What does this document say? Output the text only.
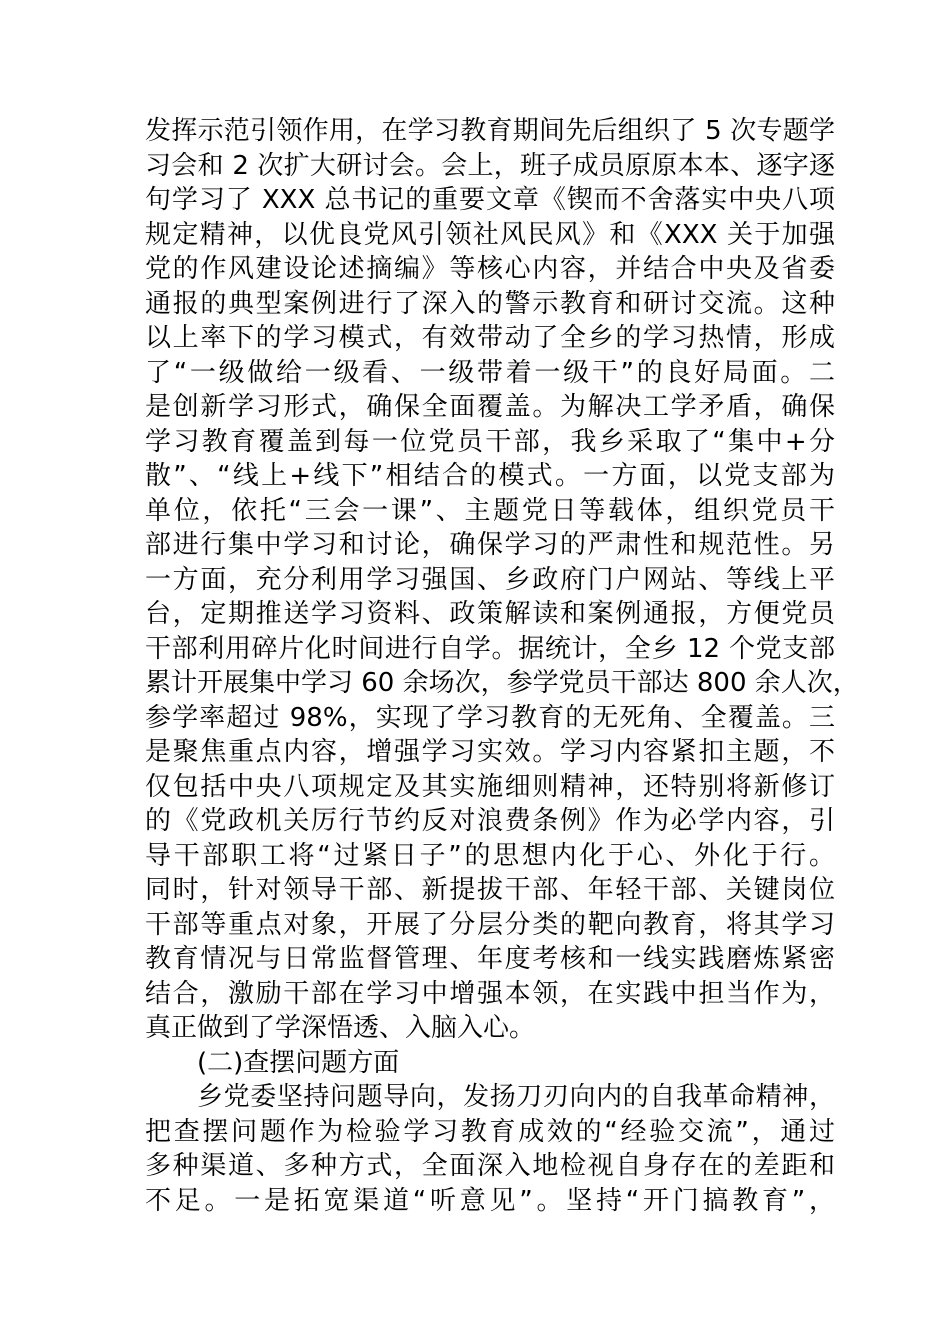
发挥示范引领作用，在学习教育期间先后组织了 5 次专题学
习会和 2 次扩大研讨会。会上，班子成员原原本本、逐字逐
句学习了 XXX 总书记的重要文章《锲而不舍落实中央八项
规定精神，以优良党风引领社风民风》和《XXX 关于加强
党的作风建设论述摘编》等核心内容，并结合中央及省委
通报的典型案例进行了深入的警示教育和研讨交流。这种
以上率下的学习模式，有效带动了全乡的学习热情，形成
了“一级做给一级看、一级带着一级干”的良好局面。二
是创新学习形式，确保全面覆盖。为解决工学矛盾，确保
学习教育覆盖到每一位党员干部，我乡采取了“集中+分
散”、“线上+线下”相结合的模式。一方面，以党支部为
单位，依托“三会一课”、主题党日等载体，组织党员干
部进行集中学习和讨论，确保学习的严肃性和规范性。另
一方面，充分利用学习强国、乡政府门户网站、等线上平
台，定期推送学习资料、政策解读和案例通报，方便党员
干部利用碎片化时间进行自学。据统计，全乡 12 个党支部
累计开展集中学习 60 余场次，参学党员干部达 800 余人次，
参学率超过 98%，实现了学习教育的无死角、全覆盖。三
是聚焦重点内容，增强学习实效。学习内容紧扣主题，不
仅包括中央八项规定及其实施细则精神，还特别将新修订
的《党政机关厉行节约反对浪费条例》作为必学内容，引
导干部职工将“过紧日子”的思想内化于心、外化于行。
同时，针对领导干部、新提拔干部、年轻干部、关键岗位
干部等重点对象，开展了分层分类的靶向教育，将其学习
教育情况与日常监督管理、年度考核和一线实践磨炼紧密
结合，激励干部在学习中增强本领，在实践中担当作为，
真正做到了学深悟透、入脑入心。
(二)查摆问题方面
乡党委坚持问题导向，发扬刀刃向内的自我革命精神，
把查摆问题作为检验学习教育成效的“经验交流”，通过
多种渠道、多种方式，全面深入地检视自身存在的差距和
不足。一是拓宽渠道“听意见”。坚持“开门搞教育”，
